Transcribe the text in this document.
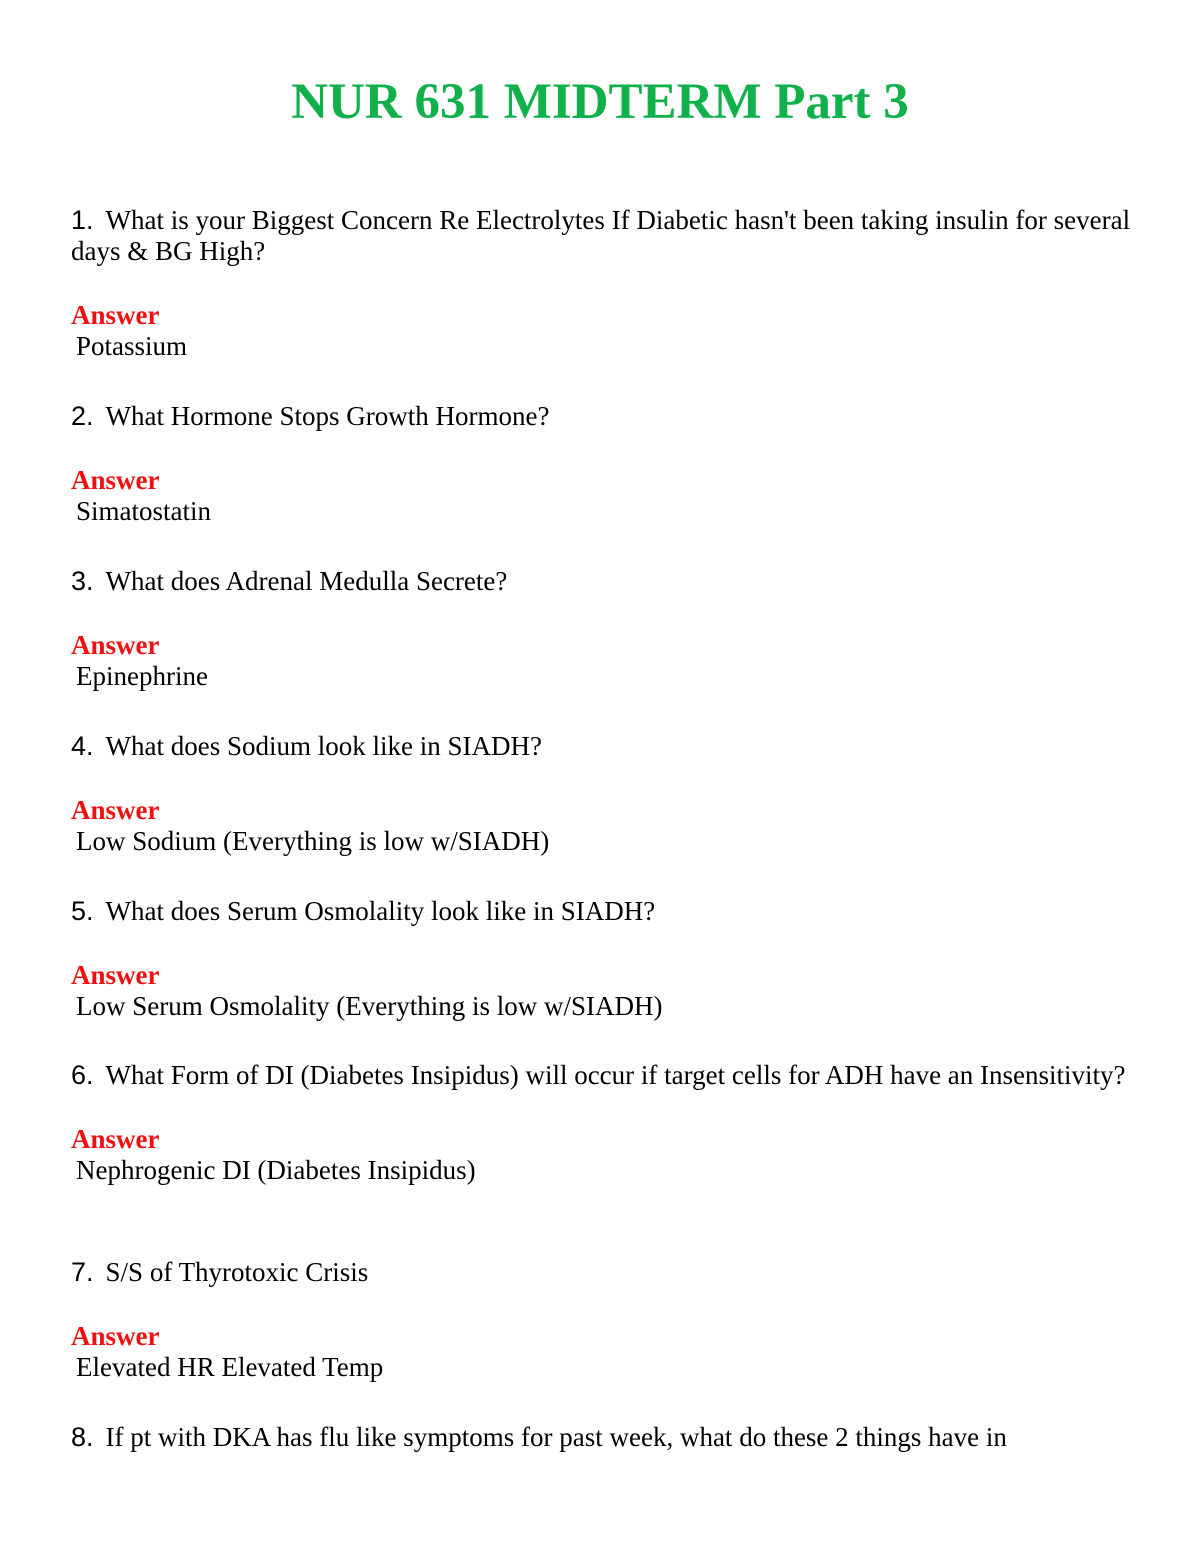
NUR 631 MIDTERM Part 3

1. What is your Biggest Concern Re Electrolytes If Diabetic hasn't been taking insulin for several days & BG High?

Answer
Potassium

2. What Hormone Stops Growth Hormone?

Answer
Simatostatin

3. What does Adrenal Medulla Secrete?

Answer
Epinephrine

4. What does Sodium look like in SIADH?

Answer
Low Sodium (Everything is low w/SIADH)

5. What does Serum Osmolality look like in SIADH?

Answer
Low Serum Osmolality (Everything is low w/SIADH)

6. What Form of DI (Diabetes Insipidus) will occur if target cells for ADH have an Insensitivity?

Answer
Nephrogenic DI (Diabetes Insipidus)

7. S/S of Thyrotoxic Crisis

Answer
Elevated HR Elevated Temp

8. If pt with DKA has flu like symptoms for past week, what do these 2 things have in
